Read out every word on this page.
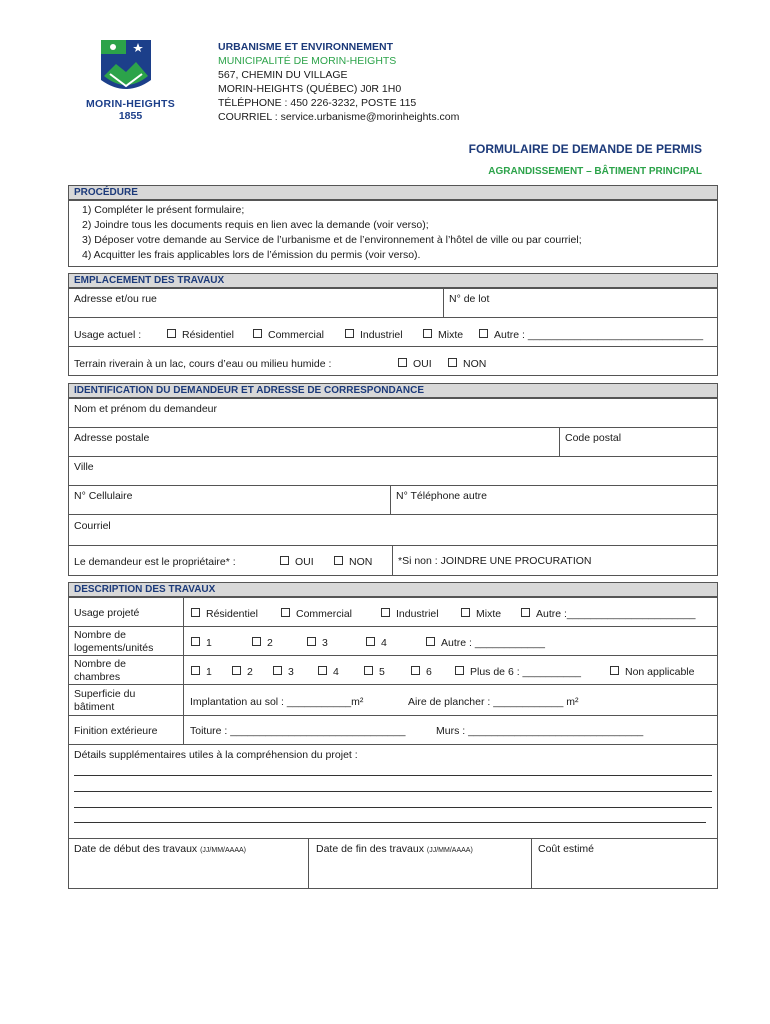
MORIN-HEIGHTS
1855
URBANISME ET ENVIRONNEMENT
MUNICIPALITÉ DE MORIN-HEIGHTS
567, CHEMIN DU VILLAGE
MORIN-HEIGHTS (QUÉBEC) J0R 1H0
TÉLÉPHONE : 450 226-3232, POSTE 115
COURRIEL : service.urbanisme@morinheights.com
FORMULAIRE DE DEMANDE DE PERMIS
AGRANDISSEMENT – BÂTIMENT PRINCIPAL
PROCÉDURE
1) Compléter le présent formulaire;
2) Joindre tous les documents requis en lien avec la demande (voir verso);
3) Déposer votre demande au Service de l’urbanisme et de l’environnement à l’hôtel de ville ou par courriel;
4) Acquitter les frais applicables lors de l’émission du permis (voir verso).
EMPLACEMENT DES TRAVAUX
Adresse et/ou rue	N° de lot
Usage actuel :	Résidentiel	Commercial	Industriel	Mixte	Autre : ______________________________
Terrain riverain à un lac, cours d’eau ou milieu humide :	OUI	NON
IDENTIFICATION DU DEMANDEUR ET ADRESSE DE CORRESPONDANCE
Nom et prénom du demandeur
Adresse postale	Code postal
Ville
N° Cellulaire	N° Téléphone autre
Courriel
Le demandeur est le propriétaire* :	OUI	NON *Si non : JOINDRE UNE PROCURATION
DESCRIPTION DES TRAVAUX
Usage projeté	Résidentiel	Commercial	Industriel	Mixte	Autre :______________________
Nombre de logements/unités	1	2	3	4	Autre : ____________
Nombre de chambres	1	2	3	4	5	6	Plus de 6 : __________	Non applicable
Superficie du bâtiment	Implantation au sol : ___________m²	Aire de plancher : ____________ m²
Finition extérieure	Toiture : ______________________________	Murs : ______________________________
Détails supplémentaires utiles à la compréhension du projet :
Date de début des travaux (JJ/MM/AAAA)	Date de fin des travaux (JJ/MM/AAAA)	Coût estimé
